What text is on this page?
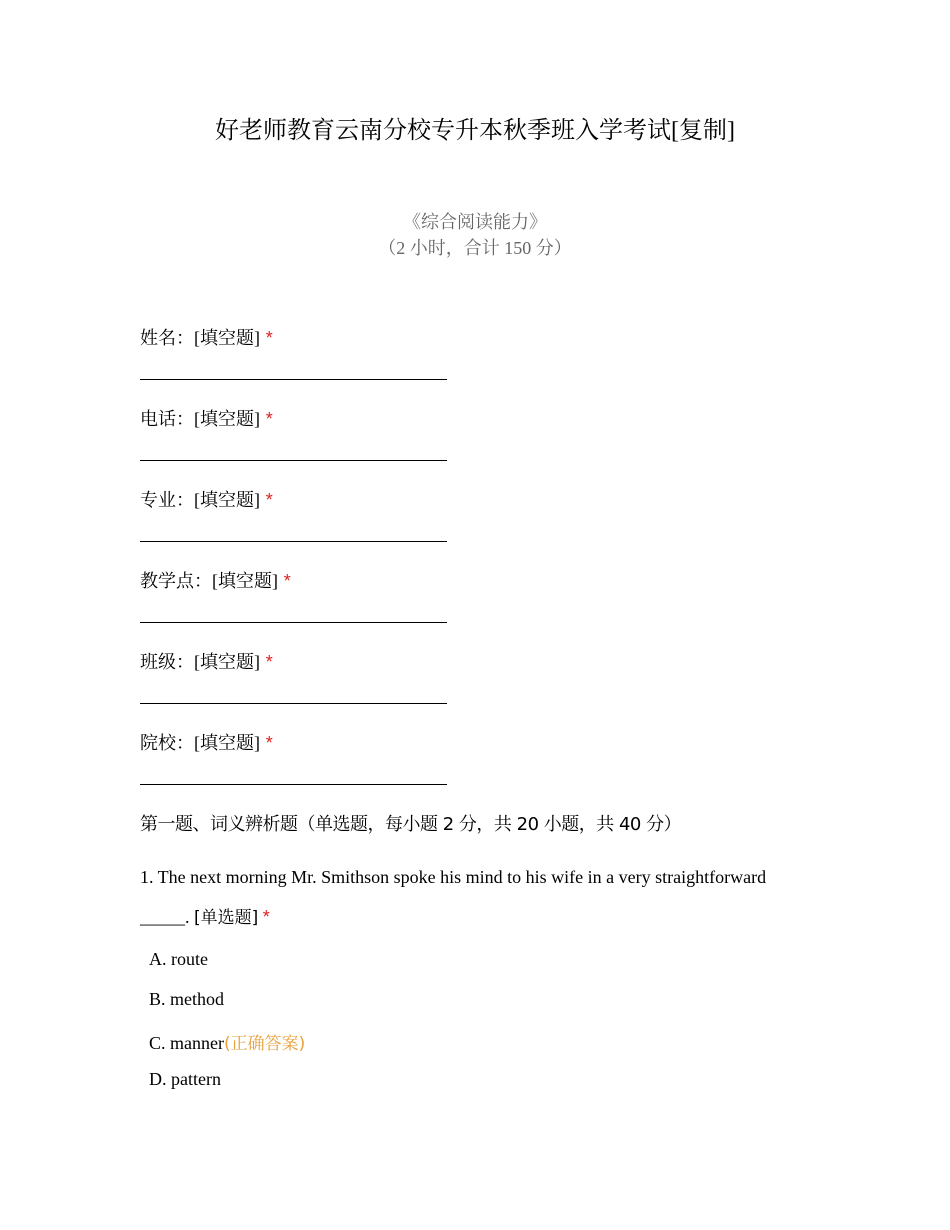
好老师教育云南分校专升本秋季班入学考试[复制]
《综合阅读能力》
（2 小时，合计 150 分）
姓名：[填空题] *
电话：[填空题] *
专业：[填空题] *
教学点：[填空题] *
班级：[填空题] *
院校：[填空题] *
第一题、词义辨析题（单选题，每小题 2 分，共 20 小题，共 40 分）
1. The next morning Mr. Smithson spoke his mind to his wife in a very straightforward
_____. [单选题] *
A. route
B. method
C. manner(正确答案)
D. pattern
